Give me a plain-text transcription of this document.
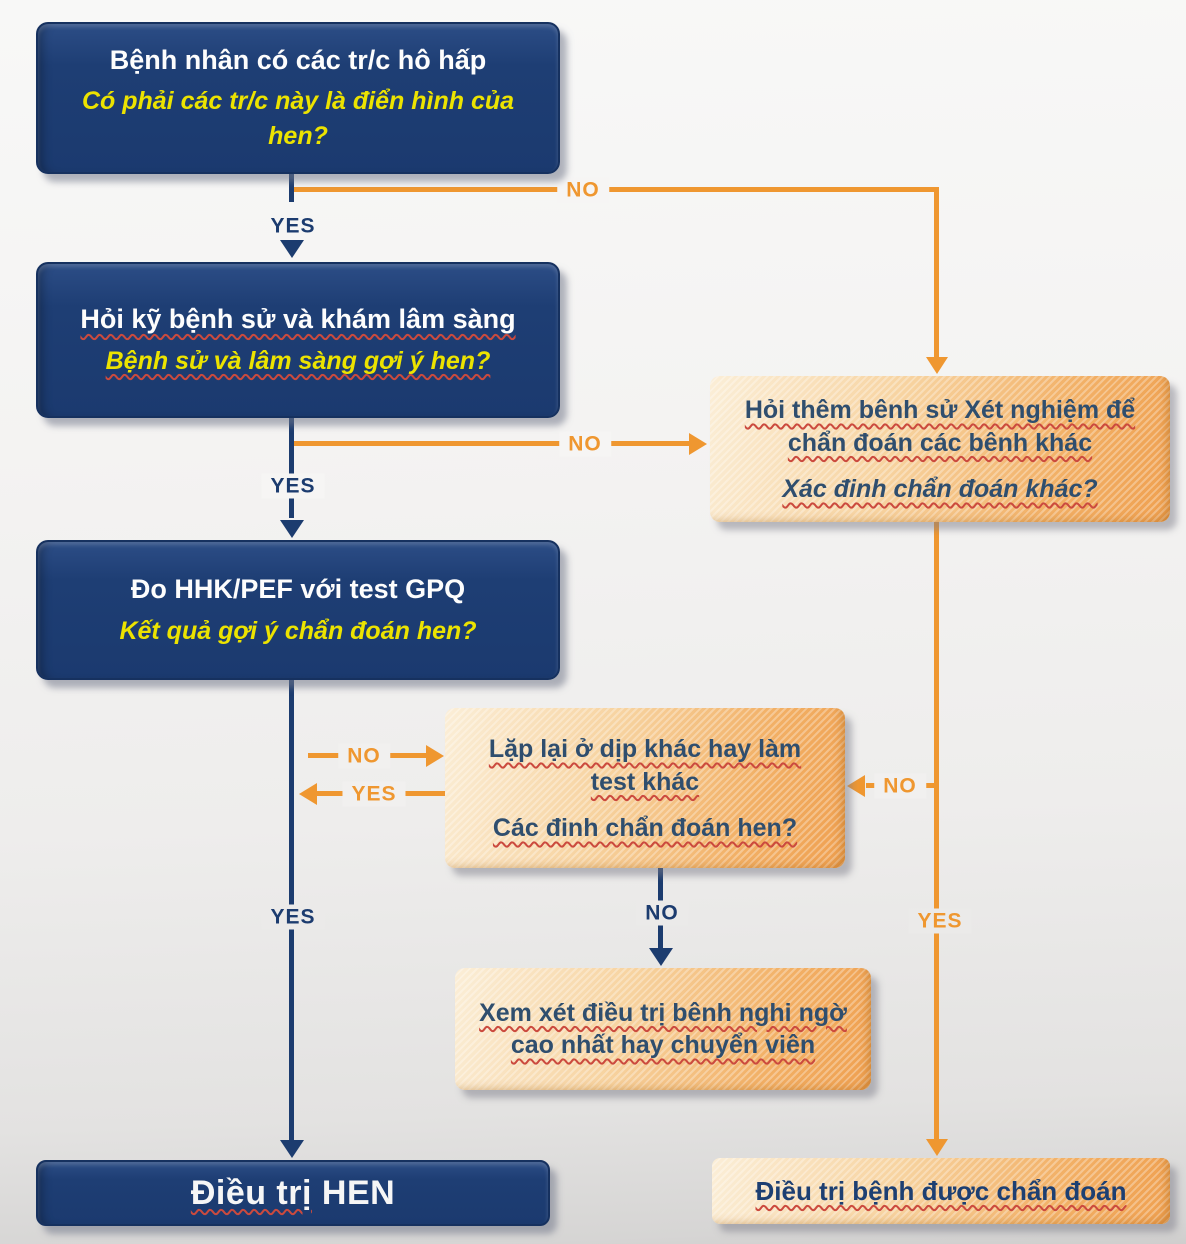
YES
NO
YES
NO
NO
YES	NO
YES	NO	YES
Bệnh nhân có các tr/c hô hấp
Có phải các tr/c này là điển hình của hen?
Hỏi kỹ bệnh sử và khám lâm sàng
Bệnh sử và lâm sàng gợi ý hen?
Đo HHK/PEF với test GPQ
Kết quả gợi ý chẩn đoán hen?
Hỏi thêm bênh sử Xét nghiệm để chẩn đoán các bênh khác
Xác đinh chẩn đoán khác?
Lặp lại ở dịp khác hay làm test khác
Các đinh chẩn đoán hen?
Xem xét điều trị bênh nghi ngờ cao nhất hay chuyển viên
Điều trị HEN	Điều trị bệnh được chẩn đoán
